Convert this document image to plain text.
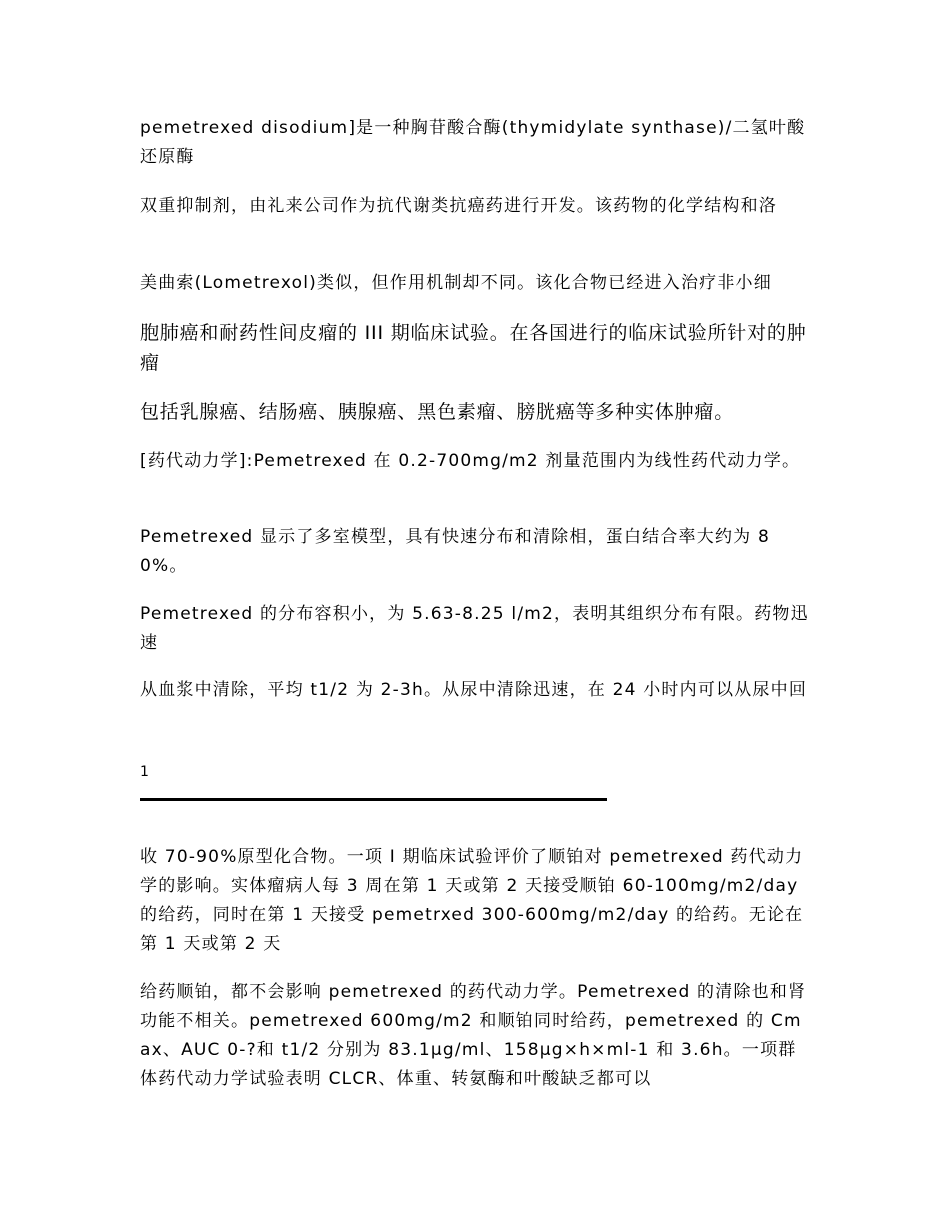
pemetrexed disodium]是一种胸苷酸合酶(thymidylate synthase)/二氢叶酸还原酶

双重抑制剂，由礼来公司作为抗代谢类抗癌药进行开发。该药物的化学结构和洛

美曲索(Lometrexol)类似，但作用机制却不同。该化合物已经进入治疗非小细

胞肺癌和耐药性间皮瘤的 III 期临床试验。在各国进行的临床试验所针对的肿瘤

包括乳腺癌、结肠癌、胰腺癌、黑色素瘤、膀胱癌等多种实体肿瘤。

[药代动力学]:Pemetrexed 在 0.2-700mg/m2 剂量范围内为线性药代动力学。

Pemetrexed 显示了多室模型，具有快速分布和清除相，蛋白结合率大约为 80%。

Pemetrexed 的分布容积小，为 5.63-8.25 l/m2，表明其组织分布有限。药物迅速

从血浆中清除，平均 t1/2 为 2-3h。从尿中清除迅速，在 24 小时内可以从尿中回

1

收 70-90%原型化合物。一项 I 期临床试验评价了顺铂对 pemetrexed 药代动力学的影响。实体瘤病人每 3 周在第 1 天或第 2 天接受顺铂 60-100mg/m2/day 的给药，同时在第 1 天接受 pemetrxed 300-600mg/m2/day 的给药。无论在第 1 天或第 2 天

给药顺铂，都不会影响 pemetrexed 的药代动力学。Pemetrexed 的清除也和肾功能不相关。pemetrexed 600mg/m2 和顺铂同时给药，pemetrexed 的 Cmax、AUC 0-?和 t1/2 分别为 83.1μg/ml、158μg×h×ml-1 和 3.6h。一项群体药代动力学试验表明 CLCR、体重、转氨酶和叶酸缺乏都可以
